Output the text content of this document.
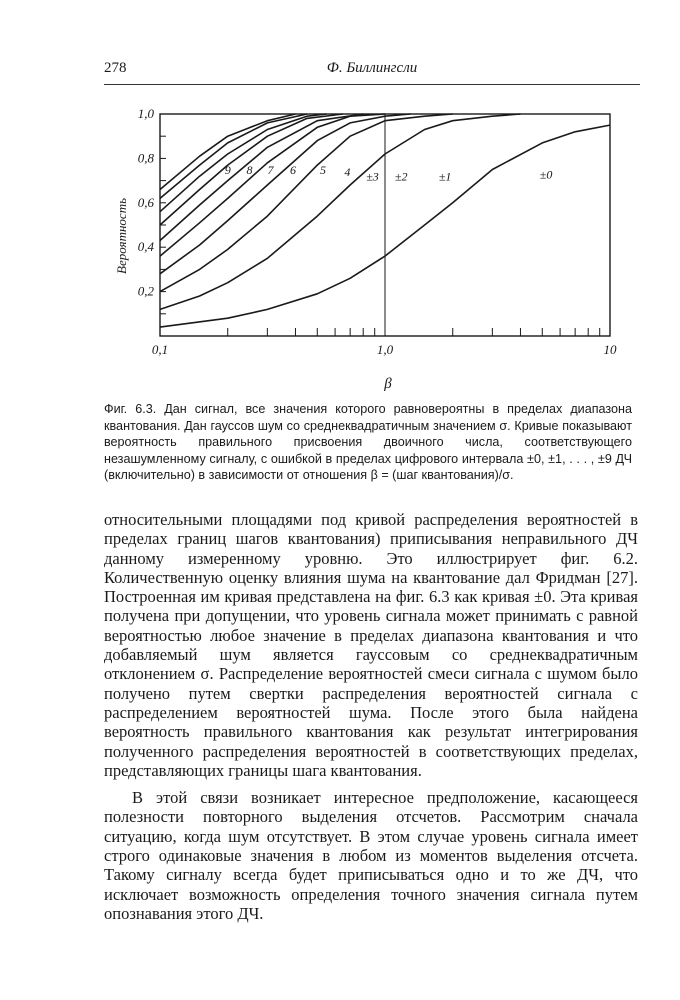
278	Ф. Биллингсли
0,1	1,0	10
0,2
0,4
0,6
0,8
1,0
±0
±1
±2
±3
4
5
6
7
8
9
Вероятность
β
Фиг. 6.3. Дан сигнал, все значения которого равновероятны в пределах диапазона квантования. Дан гауссов шум со среднеквадратичным значением σ. Кривые показывают вероятность правильного присвоения двоичного числа, соответствующего незашумленному сигналу, с ошибкой в пределах цифрового интервала ±0, ±1, . . . , ±9 ДЧ (включительно) в зависимости от отношения β = (шаг квантования)/σ.

относительными площадями под кривой распределения вероятностей в пределах границ шагов квантования) приписывания неправильного ДЧ данному измеренному уровню. Это иллюстрирует фиг. 6.2. Количественную оценку влияния шума на квантование дал Фридман [27]. Построенная им кривая представлена на фиг. 6.3 как кривая ±0. Эта кривая получена при допущении, что уровень сигнала может принимать с равной вероятностью любое значение в пределах диапазона квантования и что добавляемый шум является гауссовым со среднеквадратичным отклонением σ. Распределение вероятностей смеси сигнала с шумом было получено путем свертки распределения вероятностей сигнала с распределением вероятностей шума. После этого была найдена вероятность правильного квантования как результат интегрирования полученного распределения вероятностей в соответствующих пределах, представляющих границы шага квантования.

В этой связи возникает интересное предположение, касающееся полезности повторного выделения отсчетов. Рассмотрим сначала ситуацию, когда шум отсутствует. В этом случае уровень сигнала имеет строго одинаковые значения в любом из моментов выделения отсчета. Такому сигналу всегда будет приписываться одно и то же ДЧ, что исключает возможность определения точного значения сигнала путем опознавания этого ДЧ.
